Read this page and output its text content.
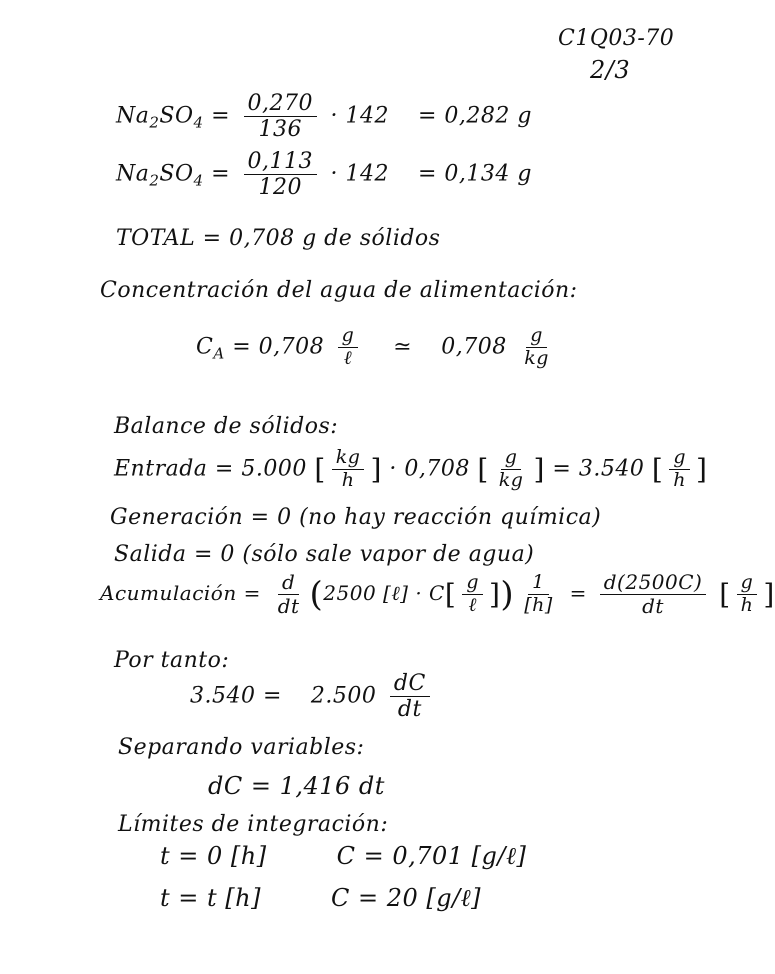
C1Q03-70
2/3
$Na_2SO_4 = \frac{0,270}{136} \cdot 142 = 0,282$ g
$Na_2SO_4 = \frac{0,113}{120} \cdot 142 = 0,134$ g
TOTAL = 0,708 g de sólidos
Concentración del agua de alimentación:
$C_A = 0,708 \frac{g}{\text{ℓ}}$ ≃ $0,708 \frac{g}{kg}$
Balance de sólidos:
Entrada = 5.000 [ $\frac{kg}{h}$ ] · 0,708 [ $\frac{g}{kg}$ ] = 3.540 [ $\frac{g}{h}$ ]
Generación = 0 (no hay reacción química)
Salida = 0 (sólo sale vapor de agua)
Acumulación = $\frac{d}{dt} (2500$ [ℓ] · $C[ \frac{g}{\text{ℓ}}$ ]) $\frac{1}{[h]} = \frac{d(2500C)}{dt}$ [ $\frac{g}{h}$ ]
Por tanto:
$3.540 = 2.500 \frac{dC}{dt}$
Separando variables:
dC = 1,416 dt
Límites de integración:
t = 0 [h]	C = 0,701 [g/ℓ]
t = t [h]	C = 20 [g/ℓ]
